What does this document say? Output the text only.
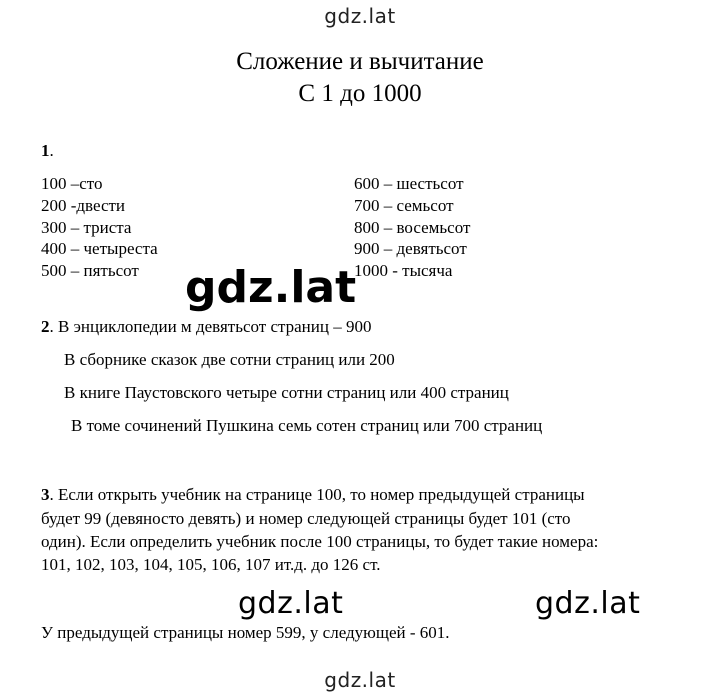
gdz.lat
Сложение и вычитание
С 1 до 1000
1.
100 –сто
200 -двести
300 – триста
400 – четыреста
500 – пятьсот
600 – шестьсот
700 – семьсот
800 – восемьсот
900 – девятьсот
1000 - тысяча
gdz.lat
2. В энциклопедии м девятьсот страниц – 900
В сборнике сказок две сотни страниц или 200
В книге Паустовского четыре сотни страниц или 400 страниц
В томе сочинений Пушкина семь сотен страниц или 700 страниц
3. Если открыть учебник на странице 100, то номер предыдущей страницы
будет 99 (девяносто девять) и номер следующей страницы будет 101 (сто
один). Если определить учебник после 100 страницы, то будет такие номера:
101, 102, 103, 104, 105, 106, 107 ит.д. до 126 ст.
gdz.lat	gdz.lat
У предыдущей страницы номер 599, у следующей - 601.
gdz.lat
